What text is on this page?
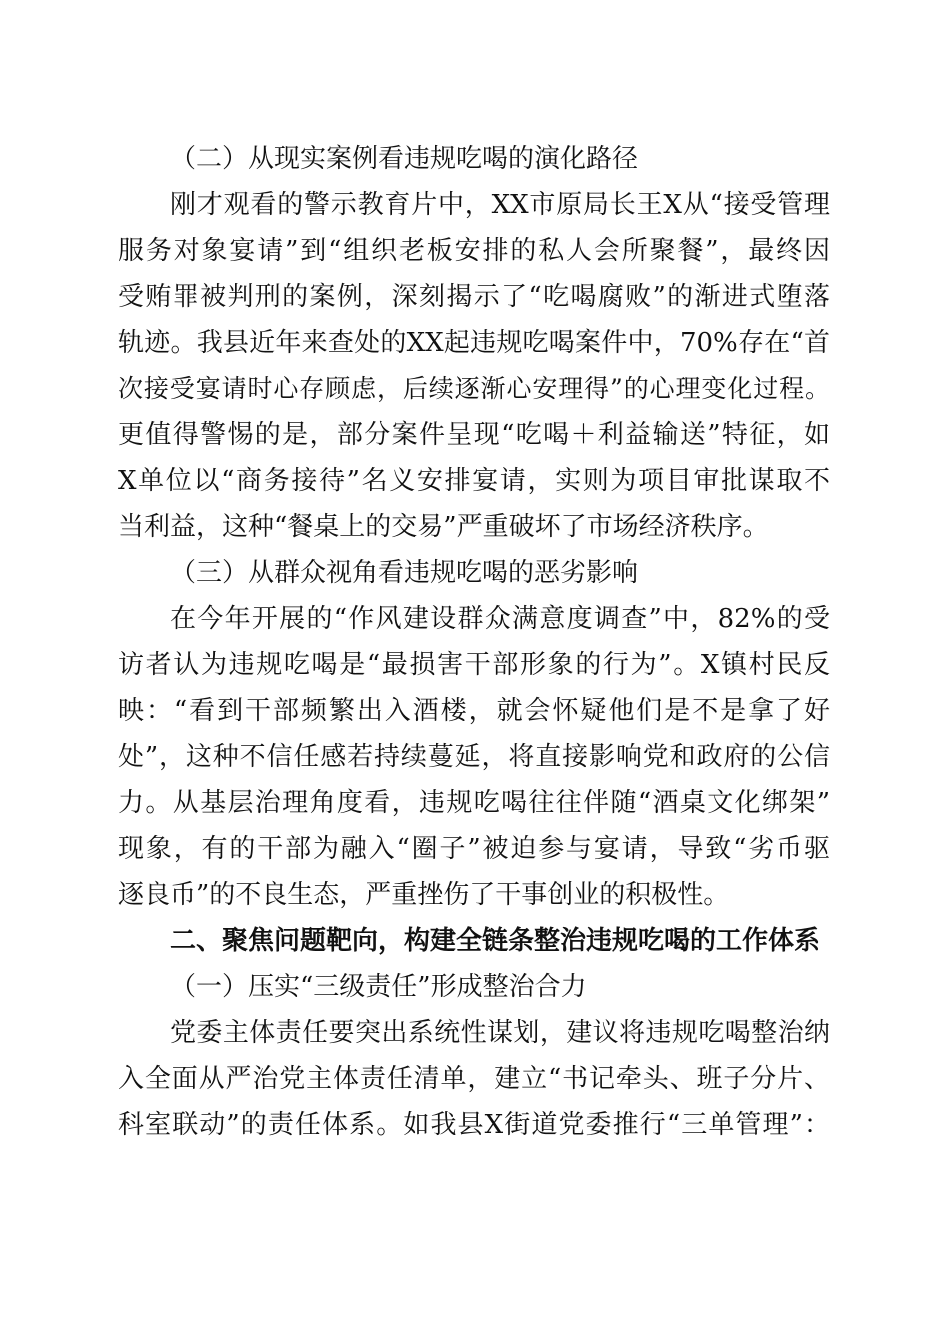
（二）从现实案例看违规吃喝的演化路径
刚才观看的警示教育片中，XX市原局长王X从“接受管理
服务对象宴请”到“组织老板安排的私人会所聚餐”，最终因
受贿罪被判刑的案例，深刻揭示了“吃喝腐败”的渐进式堕落
轨迹。我县近年来查处的XX起违规吃喝案件中，70%存在“首
次接受宴请时心存顾虑，后续逐渐心安理得”的心理变化过程。
更值得警惕的是，部分案件呈现“吃喝＋利益输送”特征，如
X单位以“商务接待”名义安排宴请，实则为项目审批谋取不
当利益，这种“餐桌上的交易”严重破坏了市场经济秩序。
（三）从群众视角看违规吃喝的恶劣影响
在今年开展的“作风建设群众满意度调查”中，82%的受
访者认为违规吃喝是“最损害干部形象的行为”。X镇村民反
映：“看到干部频繁出入酒楼，就会怀疑他们是不是拿了好
处”，这种不信任感若持续蔓延，将直接影响党和政府的公信
力。从基层治理角度看，违规吃喝往往伴随“酒桌文化绑架”
现象，有的干部为融入“圈子”被迫参与宴请，导致“劣币驱
逐良币”的不良生态，严重挫伤了干事创业的积极性。
二、聚焦问题靶向，构建全链条整治违规吃喝的工作体系
（一）压实“三级责任”形成整治合力
党委主体责任要突出系统性谋划，建议将违规吃喝整治纳
入全面从严治党主体责任清单，建立“书记牵头、班子分片、
科室联动”的责任体系。如我县X街道党委推行“三单管理”：
